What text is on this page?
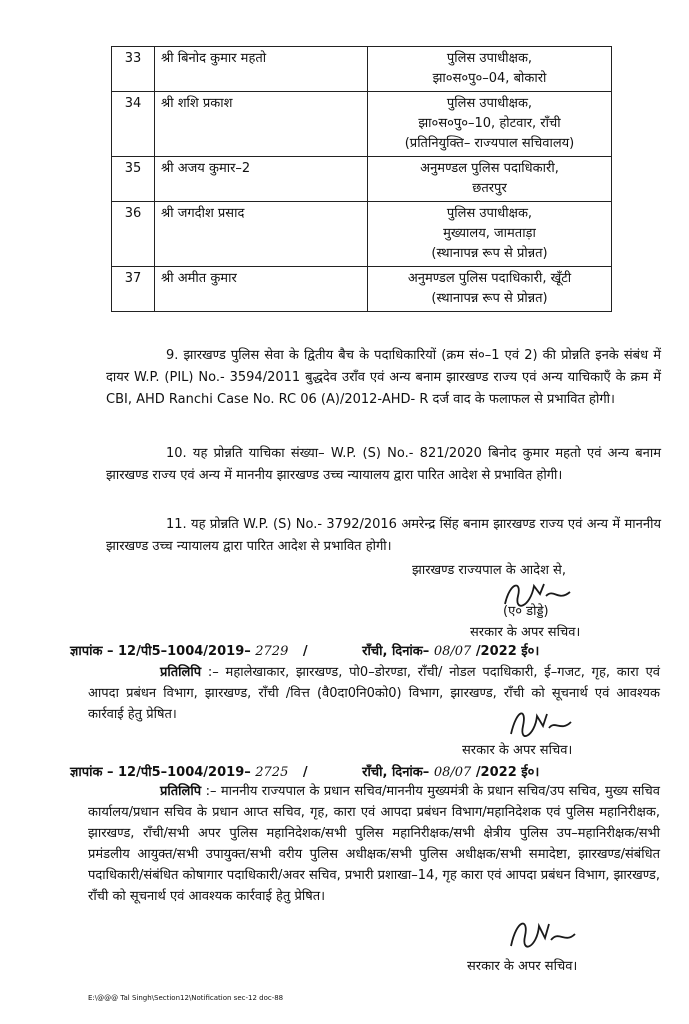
33	श्री बिनोद कुमार महतो	पुलिस उपाधीक्षक,
झा०स०पु०–04, बोकारो

34	श्री शशि प्रकाश	पुलिस उपाधीक्षक,
झा०स०पु०–10, होटवार, राँची
(प्रतिनियुक्ति– राज्यपाल सचिवालय)

35	श्री अजय कुमार–2	अनुमण्डल पुलिस पदाधिकारी,
छतरपुर

36	श्री जगदीश प्रसाद	पुलिस उपाधीक्षक,
मुख्यालय, जामताड़ा
(स्थानापन्न रूप से प्रोन्नत)

37	श्री अमीत कुमार	अनुमण्डल पुलिस पदाधिकारी, खूँटी
(स्थानापन्न रूप से प्रोन्नत)
9. झारखण्ड पुलिस सेवा के द्वितीय बैच के पदाधिकारियों (क्रम सं०–1 एवं 2) की प्रोन्नति इनके संबंध में दायर W.P. (PIL) No.- 3594/2011 बुद्धदेव उराँव एवं अन्य बनाम झारखण्ड राज्य एवं अन्य याचिकाएँ के क्रम में CBI, AHD Ranchi Case No. RC 06 (A)/2012-AHD- R दर्ज वाद के फलाफल से प्रभावित होगी।
10. यह प्रोन्नति याचिका संख्या– W.P. (S) No.- 821/2020 बिनोद कुमार महतो एवं अन्य बनाम झारखण्ड राज्य एवं अन्य में माननीय झारखण्ड उच्च न्यायालय द्वारा पारित आदेश से प्रभावित होगी।
11. यह प्रोन्नति W.P. (S) No.- 3792/2016 अमरेन्द्र सिंह बनाम झारखण्ड राज्य एवं अन्य में माननीय झारखण्ड उच्च न्यायालय द्वारा पारित आदेश से प्रभावित होगी।
झारखण्ड राज्यपाल के आदेश से,
(ए० डोड्डे)
सरकार के अपर सचिव।
ज्ञापांक – 12/पी5–1004/2019– 2729 /	राँची, दिनांक– 08/07 /2022 ई०।
प्रतिलिपि :– महालेखाकार, झारखण्ड, पो0–डोरण्डा, राँची/ नोडल पदाधिकारी, ई–गजट, गृह, कारा एवं आपदा प्रबंधन विभाग, झारखण्ड, राँची /वित्त (वै0दा0नि0को0) विभाग, झारखण्ड, राँची को सूचनार्थ एवं आवश्यक कार्रवाई हेतु प्रेषित।
सरकार के अपर सचिव।
ज्ञापांक – 12/पी5–1004/2019– 2725 /	राँची, दिनांक– 08/07 /2022 ई०।
प्रतिलिपि :– माननीय राज्यपाल के प्रधान सचिव/माननीय मुख्यमंत्री के प्रधान सचिव/उप सचिव, मुख्य सचिव कार्यालय/प्रधान सचिव के प्रधान आप्त सचिव, गृह, कारा एवं आपदा प्रबंधन विभाग/महानिदेशक एवं पुलिस महानिरीक्षक, झारखण्ड, राँची/सभी अपर पुलिस महानिदेशक/सभी पुलिस महानिरीक्षक/सभी क्षेत्रीय पुलिस उप–महानिरीक्षक/सभी प्रमंडलीय आयुक्त/सभी उपायुक्त/सभी वरीय पुलिस अधीक्षक/सभी पुलिस अधीक्षक/सभी समादेष्टा, झारखण्ड/संबंधित पदाधिकारी/संबंधित कोषागार पदाधिकारी/अवर सचिव, प्रभारी प्रशाखा–14, गृह कारा एवं आपदा प्रबंधन विभाग, झारखण्ड, राँची को सूचनार्थ एवं आवश्यक कार्रवाई हेतु प्रेषित।
सरकार के अपर सचिव।
E:\@@@ Tal Singh\Section12\Notification sec-12 doc-88
